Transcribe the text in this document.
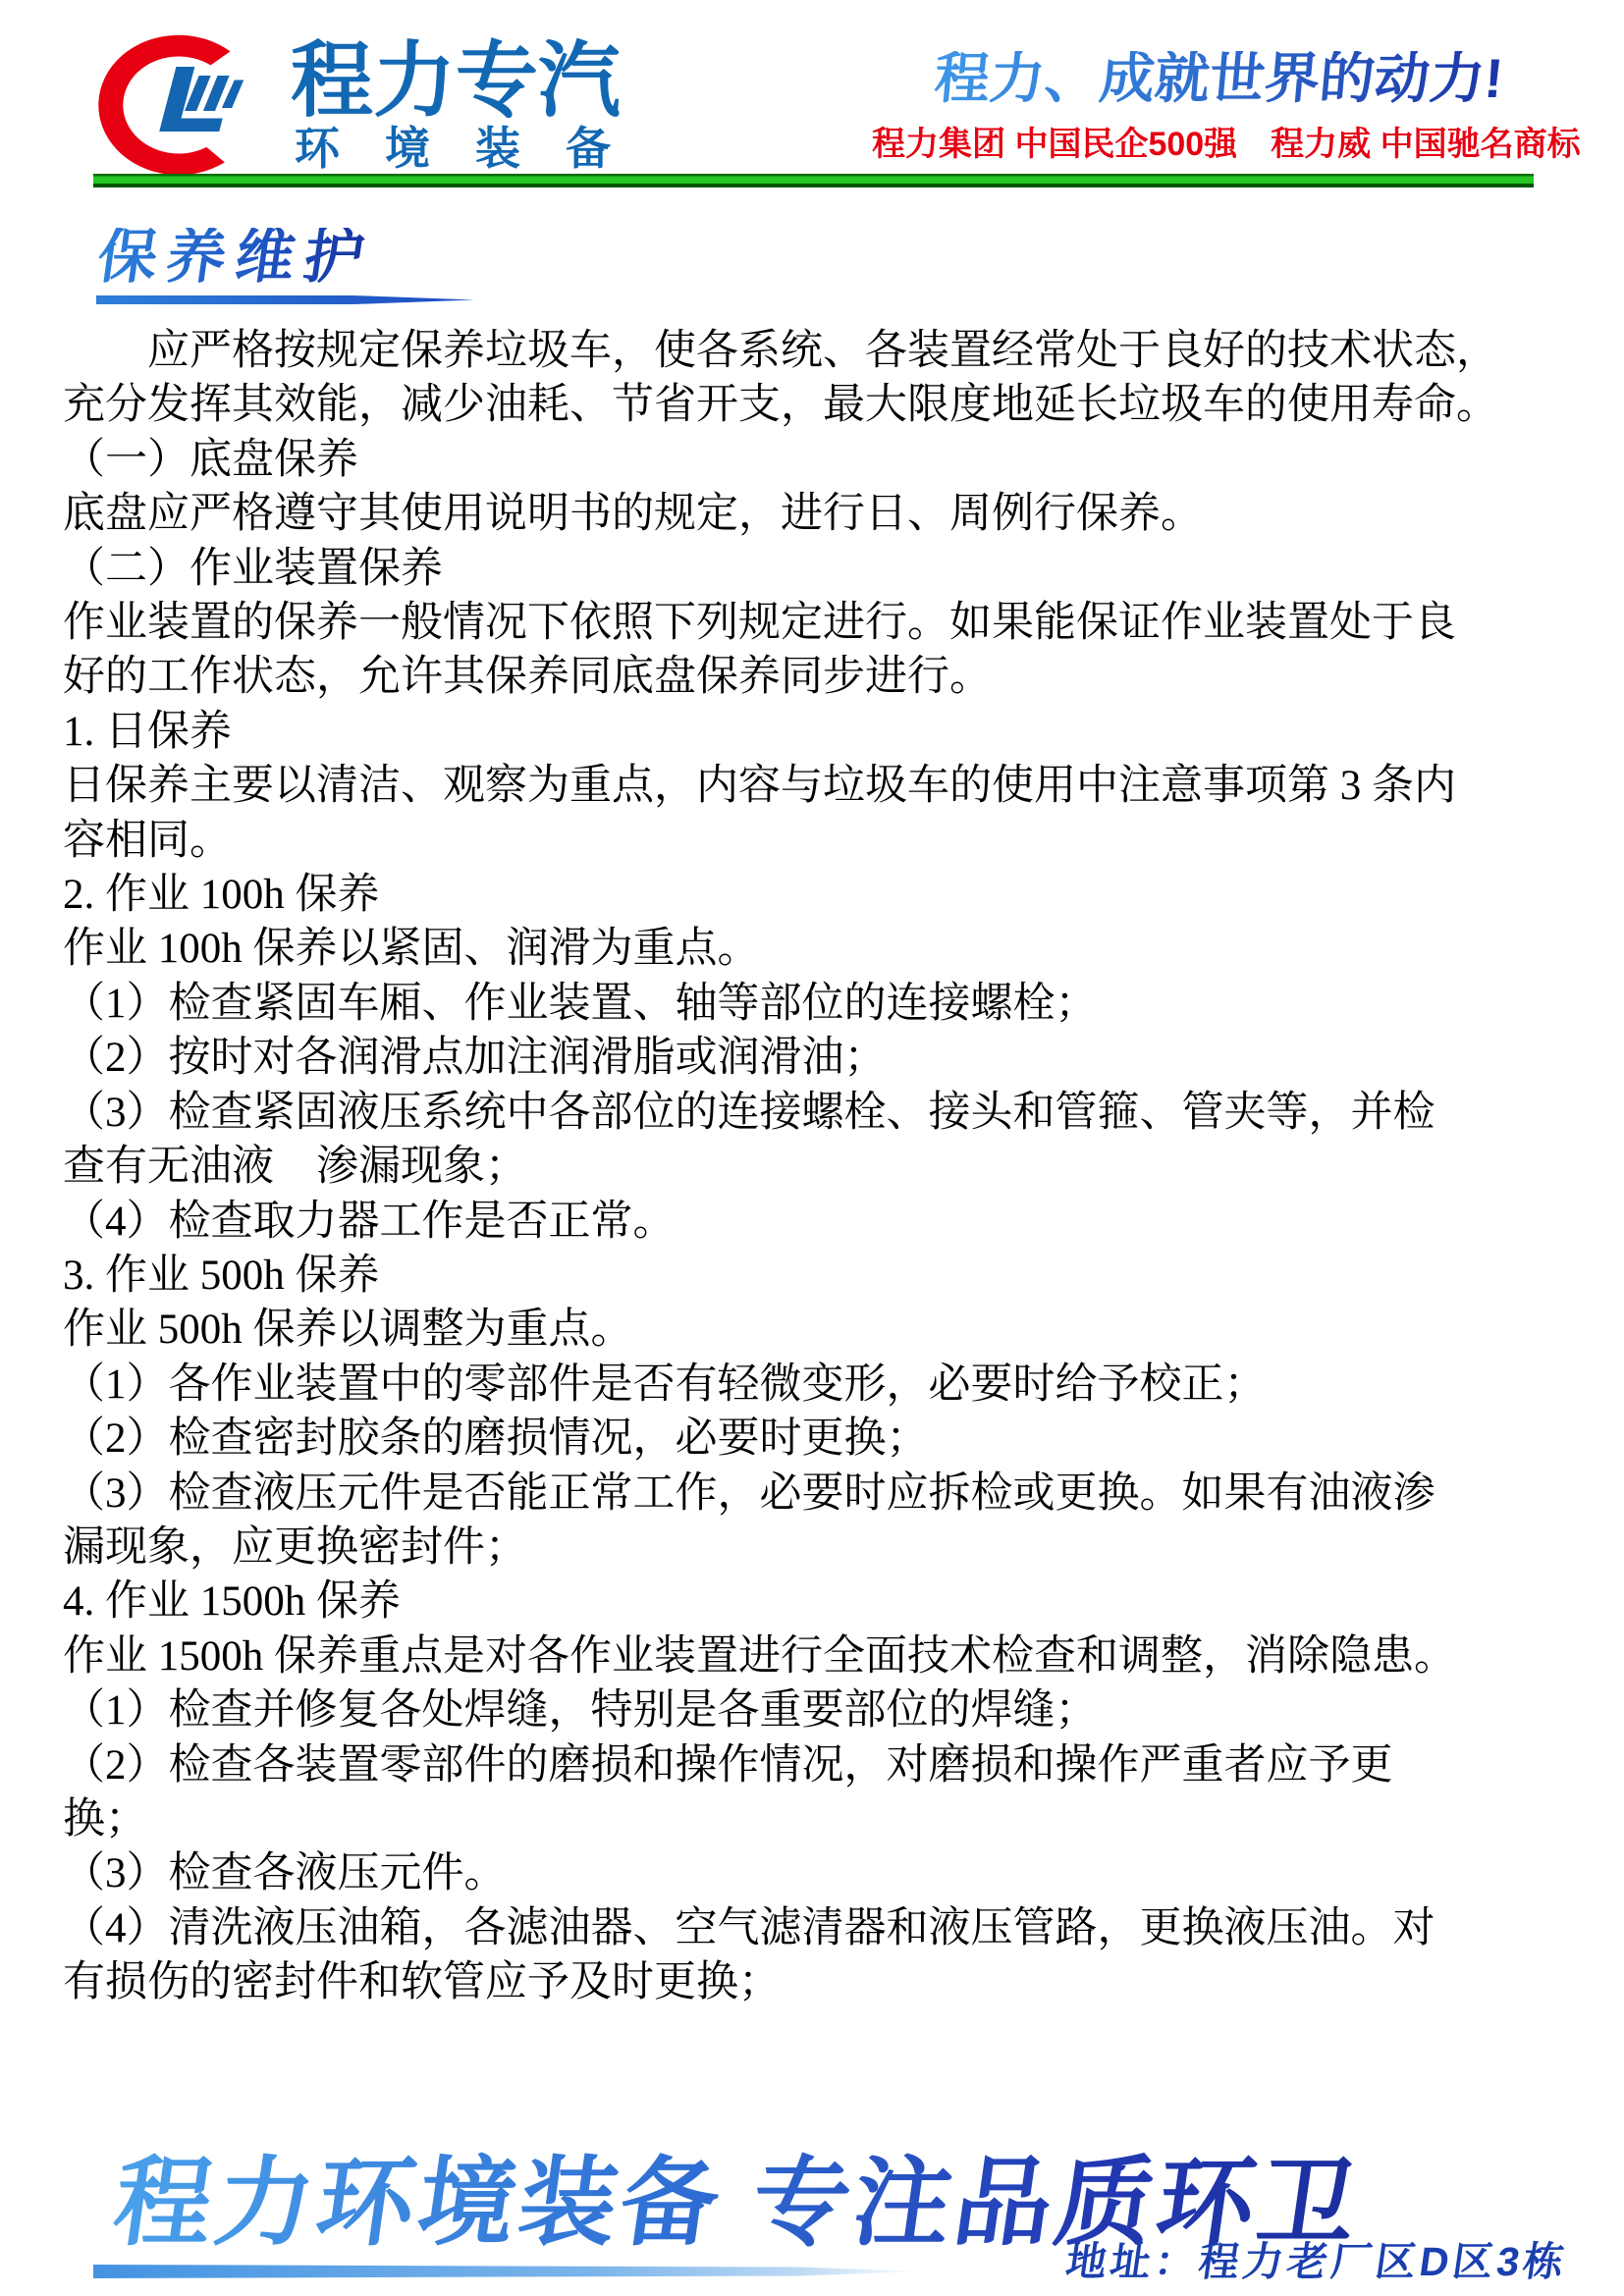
程力专汽
环境装备
程力、成就世界的动力!
程力集团 中国民企500强　程力威 中国驰名商标
保养维护
　　应严格按规定保养垃圾车，使各系统、各装置经常处于良好的技术状态，
充分发挥其效能，减少油耗、节省开支，最大限度地延长垃圾车的使用寿命。
（一）底盘保养
底盘应严格遵守其使用说明书的规定，进行日、周例行保养。
（二）作业装置保养
作业装置的保养一般情况下依照下列规定进行。如果能保证作业装置处于良
好的工作状态，允许其保养同底盘保养同步进行。
1. 日保养
日保养主要以清洁、观察为重点，内容与垃圾车的使用中注意事项第 3 条内
容相同。
2. 作业 100h 保养
作业 100h 保养以紧固、润滑为重点。
（1）检查紧固车厢、作业装置、轴等部位的连接螺栓；
（2）按时对各润滑点加注润滑脂或润滑油；
（3）检查紧固液压系统中各部位的连接螺栓、接头和管箍、管夹等，并检
查有无油液　渗漏现象；
（4）检查取力器工作是否正常。
3. 作业 500h 保养
作业 500h 保养以调整为重点。
（1）各作业装置中的零部件是否有轻微变形，必要时给予校正；
（2）检查密封胶条的磨损情况，必要时更换；
（3）检查液压元件是否能正常工作，必要时应拆检或更换。如果有油液渗
漏现象，应更换密封件；
4. 作业 1500h 保养
作业 1500h 保养重点是对各作业装置进行全面技术检查和调整，消除隐患。
（1）检查并修复各处焊缝，特别是各重要部位的焊缝；
（2）检查各装置零部件的磨损和操作情况，对磨损和操作严重者应予更
换；
（3）检查各液压元件。
（4）清洗液压油箱，各滤油器、空气滤清器和液压管路，更换液压油。对
有损伤的密封件和软管应予及时更换；
程力环境装备 专注品质环卫
地址：程力老厂区D区3栋
